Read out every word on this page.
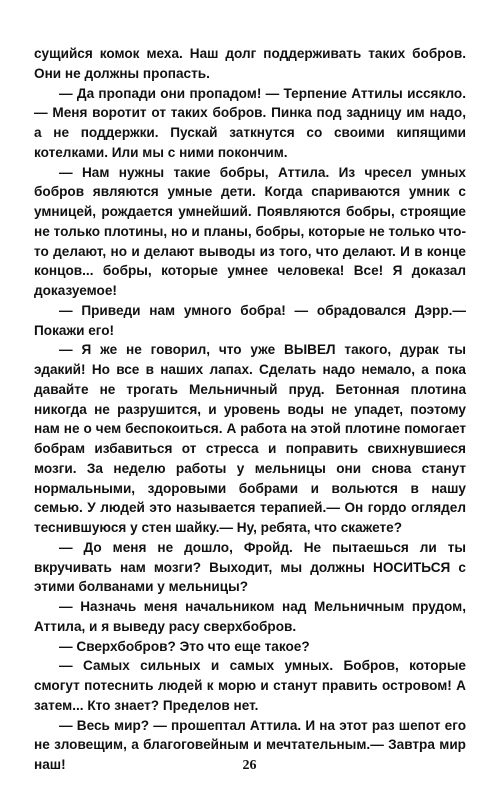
сущийся комок меха. Наш долг поддерживать таких бобров. Они не должны пропасть.

— Да пропади они пропадом! — Терпение Аттилы иссякло.— Меня воротит от таких бобров. Пинка под задницу им надо, а не поддержки. Пускай заткнутся со своими кипящими котелками. Или мы с ними покончим.

— Нам нужны такие бобры, Аттила. Из чресел умных бобров являются умные дети. Когда спариваются умник с умницей, рождается умнейший. Появляются бобры, строящие не только плотины, но и планы, бобры, которые не только что-то делают, но и делают выводы из того, что делают. И в конце концов... бобры, которые умнее человека! Все! Я доказал доказуемое!

— Приведи нам умного бобра! — обрадовался Дэрр.— Покажи его!

— Я же не говорил, что уже ВЫВЕЛ такого, дурак ты эдакий! Но все в наших лапах. Сделать надо немало, а пока давайте не трогать Мельничный пруд. Бетонная плотина никогда не разрушится, и уровень воды не упадет, поэтому нам не о чем беспокоиться. А работа на этой плотине помогает бобрам избавиться от стресса и поправить свихнувшиеся мозги. За неделю работы у мельницы они снова станут нормальными, здоровыми бобрами и вольются в нашу семью. У людей это называется терапией.— Он гордо оглядел теснившуюся у стен шайку.— Ну, ребята, что скажете?

— До меня не дошло, Фройд. Не пытаешься ли ты вкручивать нам мозги? Выходит, мы должны НОСИТЬСЯ с этими болванами у мельницы?

— Назначь меня начальником над Мельничным прудом, Аттила, и я выведу расу сверхбобров.

— Сверхбобров? Это что еще такое?

— Самых сильных и самых умных. Бобров, которые смогут потеснить людей к морю и станут править островом! А затем... Кто знает? Пределов нет.

— Весь мир? — прошептал Аттила. И на этот раз шепот его не зловещим, а благоговейным и мечтательным.— Завтра мир наш!	26
